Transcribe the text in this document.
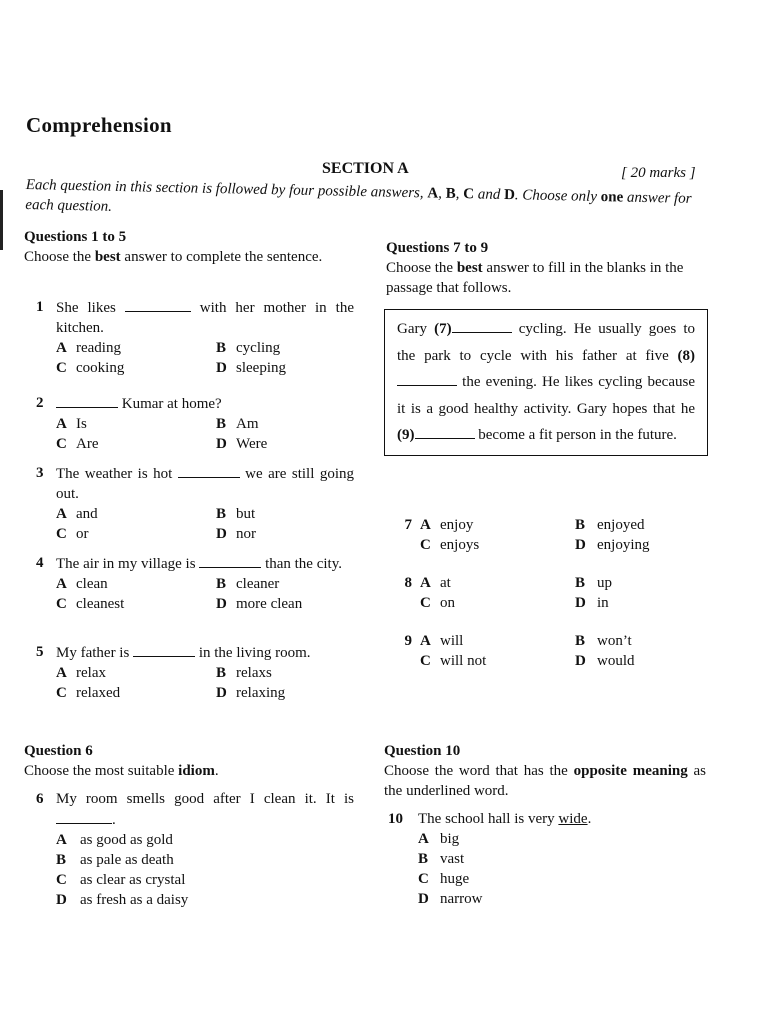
Comprehension
SECTION A	[ 20 marks ]
Each question in this section is followed by four possible answers, A, B, C and D. Choose only one answer for each question.
Questions 1 to 5
Choose the best answer to complete the sentence.
1 She likes	with her mother in the kitchen.
A reading	B cycling
C cooking	D sleeping
2	Kumar at home?
A Is	B Am
C Are	D Were
3 The weather is hot	we are still going out.
A and	B but
C or	D nor
4 The air in my village is	than the city.
A clean	B cleaner
C cleanest	D more clean
5 My father is	in the living room.
A relax	B relaxs
C relaxed	D relaxing
Question 6
Choose the most suitable idiom.
6 My room smells good after I clean it. It is .
A as good as gold
B as pale as death
C as clear as crystal
D as fresh as a daisy
Questions 7 to 9
Choose the best answer to fill in the blanks in the passage that follows.
Gary (7)	cycling. He usually goes to the park to cycle with his father at five (8) the evening. He likes cycling because it is a good healthy activity. Gary hopes that he (9)	become a fit person in the future.
7 A enjoy	B enjoyed
C enjoys	D enjoying
8 A at	B up
C on	D in
9 A will	B won’t
C will not	D would
Question 10
Choose the word that has the opposite meaning as the underlined word.
10	The school hall is very wide.
A big
B vast
C huge
D narrow
